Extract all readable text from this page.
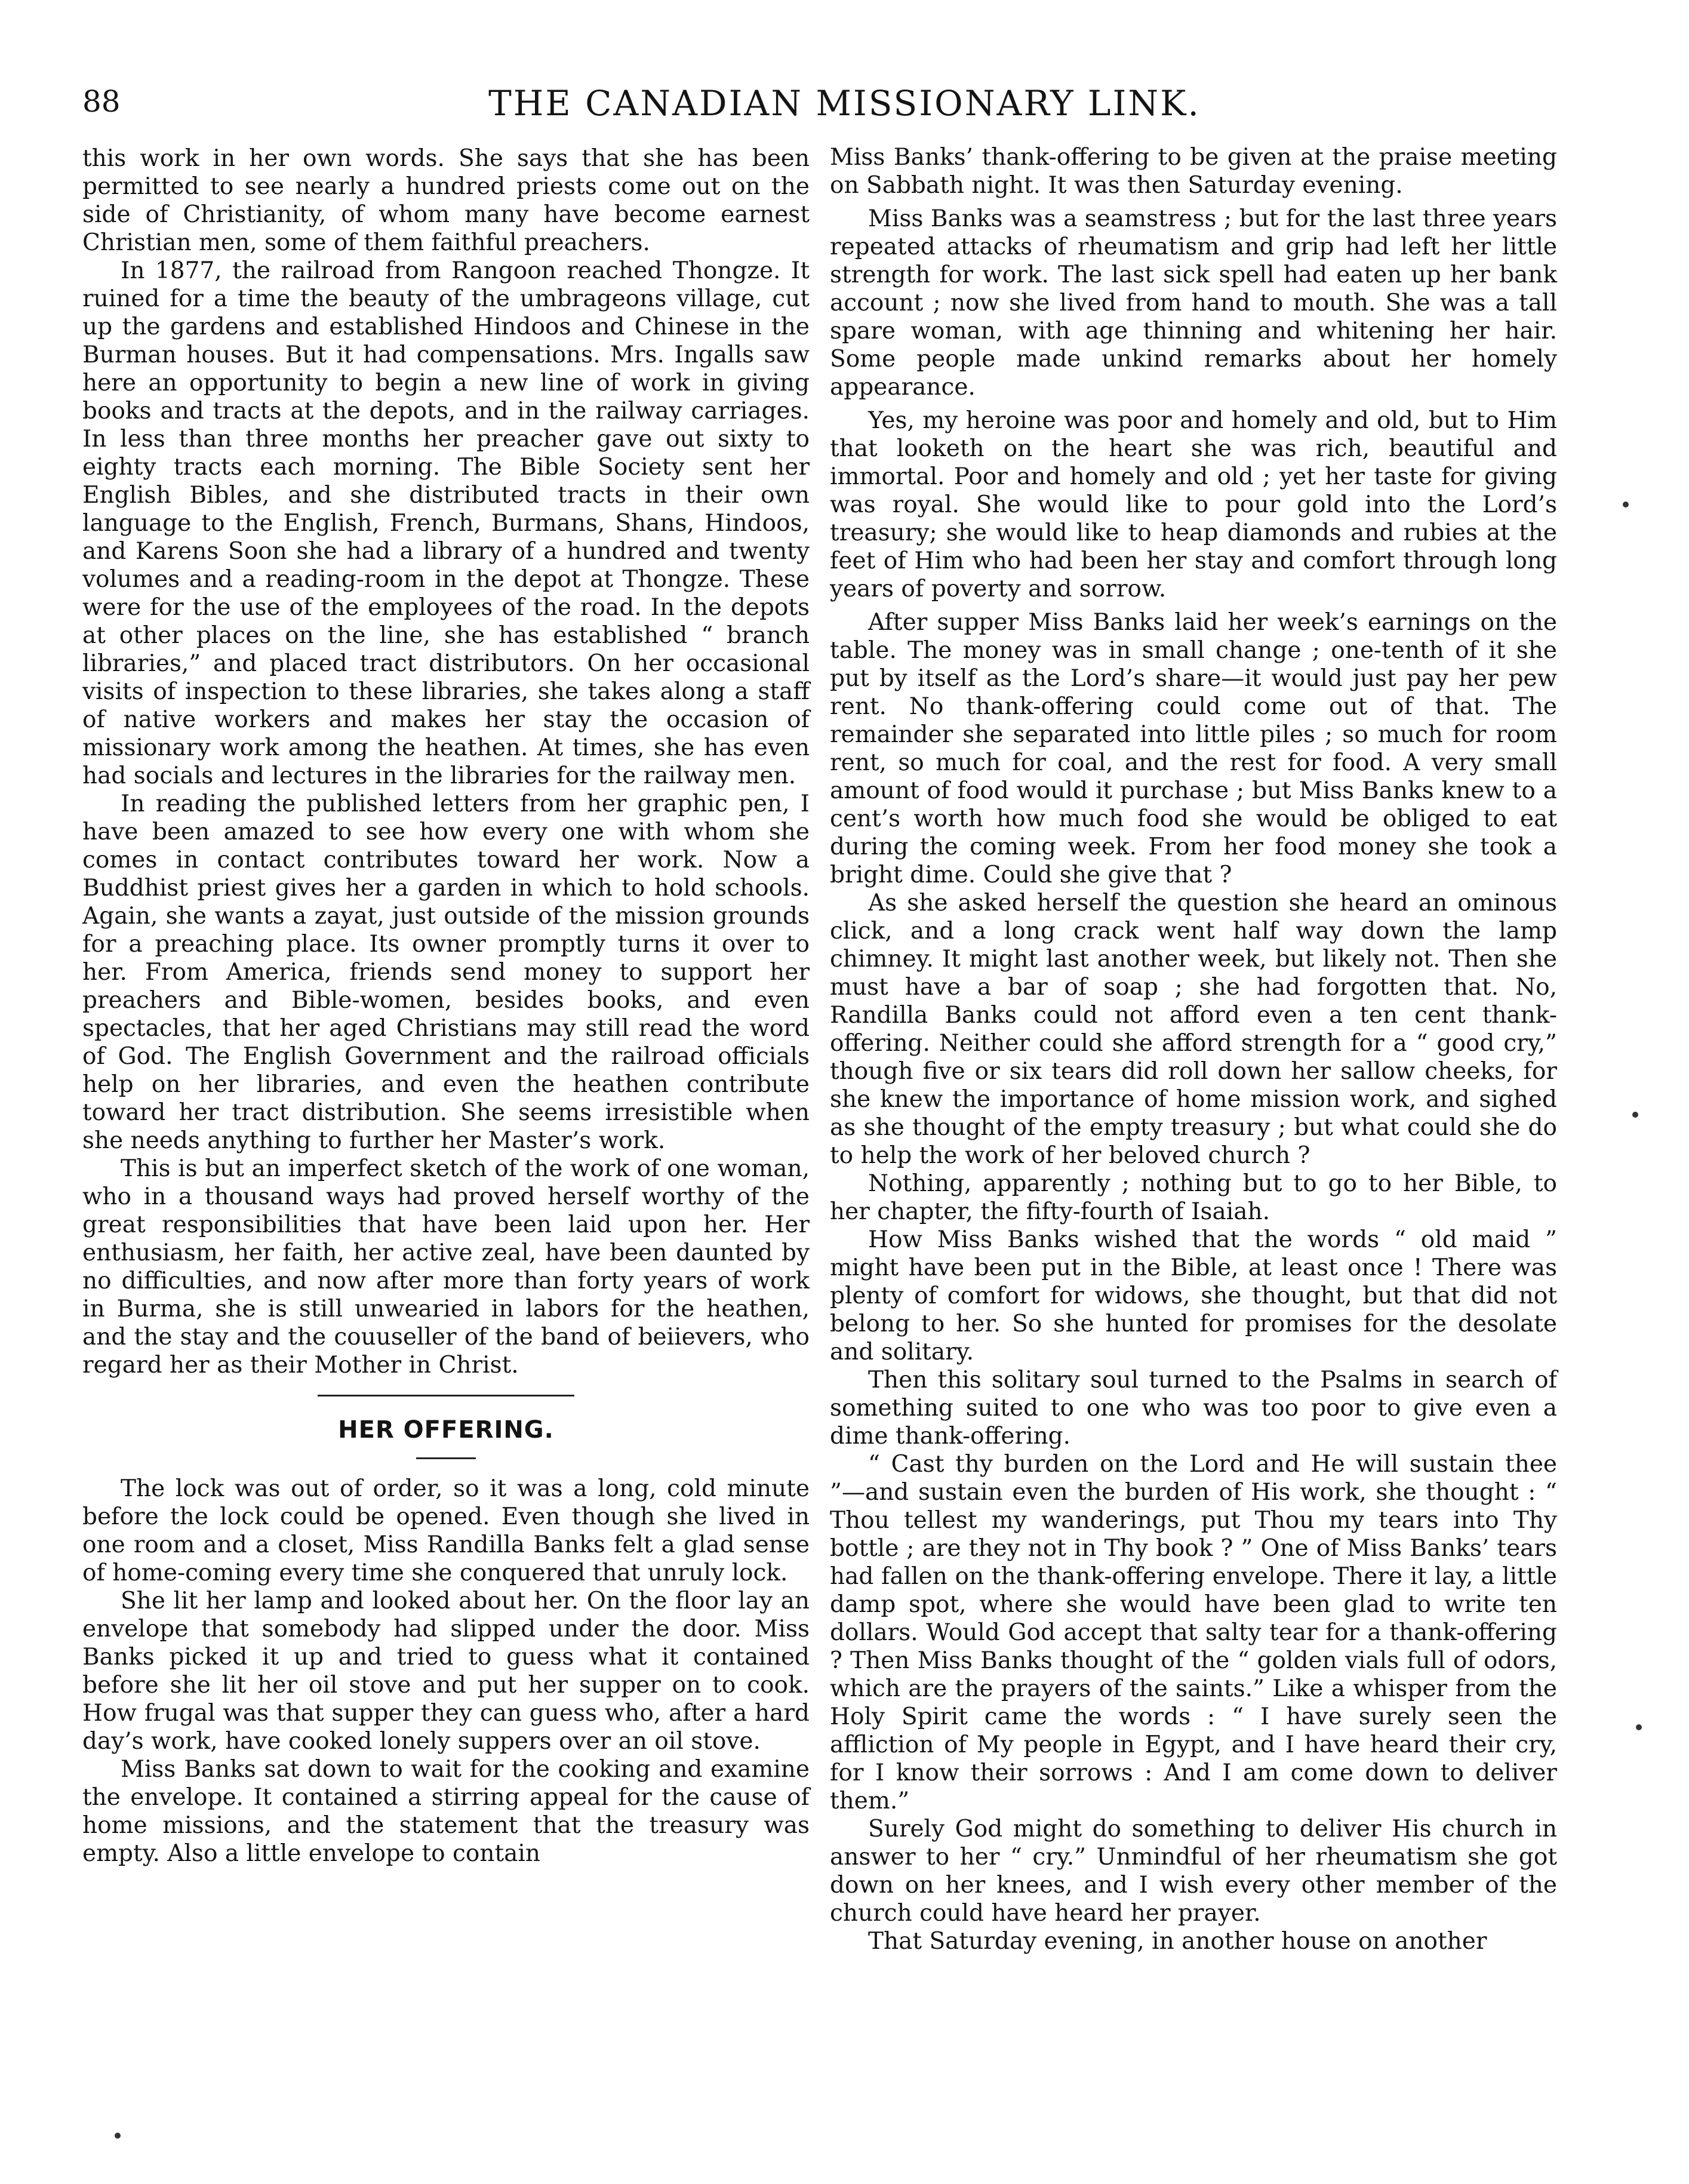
88	THE CANADIAN MISSIONARY LINK.

this work in her own words. She says that she has been permitted to see nearly a hundred priests come out on the side of Christianity, of whom many have become earnest Christian men, some of them faithful preachers.

In 1877, the railroad from Rangoon reached Thongze. It ruined for a time the beauty of the umbrageons village, cut up the gardens and established Hindoos and Chinese in the Burman houses. But it had compensations. Mrs. Ingalls saw here an opportunity to begin a new line of work in giving books and tracts at the depots, and in the railway carriages. In less than three months her preacher gave out sixty to eighty tracts each morning. The Bible Society sent her English Bibles, and she distributed tracts in their own language to the English, French, Burmans, Shans, Hindoos, and Karens Soon she had a library of a hundred and twenty volumes and a reading-room in the depot at Thongze. These were for the use of the employees of the road. In the depots at other places on the line, she has established “ branch libraries,” and placed tract distributors. On her occasional visits of inspection to these libraries, she takes along a staff of native workers and makes her stay the occasion of missionary work among the heathen. At times, she has even had socials and lectures in the libraries for the railway men.

In reading the published letters from her graphic pen, I have been amazed to see how every one with whom she comes in contact contributes toward her work. Now a Buddhist priest gives her a garden in which to hold schools. Again, she wants a zayat, just outside of the mission grounds for a preaching place. Its owner promptly turns it over to her. From America, friends send money to support her preachers and Bible-women, besides books, and even spectacles, that her aged Christians may still read the word of God. The English Government and the railroad officials help on her libraries, and even the heathen contribute toward her tract distribution. She seems irresistible when she needs anything to further her Master’s work.

This is but an imperfect sketch of the work of one woman, who in a thousand ways had proved herself worthy of the great responsibilities that have been laid upon her. Her enthusiasm, her faith, her active zeal, have been daunted by no difficulties, and now after more than forty years of work in Burma, she is still unwearied in labors for the heathen, and the stay and the couuseller of the band of beiievers, who regard her as their Mother in Christ.

HER OFFERING.

The lock was out of order, so it was a long, cold minute before the lock could be opened. Even though she lived in one room and a closet, Miss Randilla Banks felt a glad sense of home-coming every time she conquered that unruly lock.

She lit her lamp and looked about her. On the floor lay an envelope that somebody had slipped under the door. Miss Banks picked it up and tried to guess what it contained before she lit her oil stove and put her supper on to cook. How frugal was that supper they can guess who, after a hard day’s work, have cooked lonely suppers over an oil stove.

Miss Banks sat down to wait for the cooking and examine the envelope. It contained a stirring appeal for the cause of home missions, and the statement that the treasury was empty. Also a little envelope to contain

Miss Banks’ thank-offering to be given at the praise meeting on Sabbath night. It was then Saturday evening.

Miss Banks was a seamstress ; but for the last three years repeated attacks of rheumatism and grip had left her little strength for work. The last sick spell had eaten up her bank account ; now she lived from hand to mouth. She was a tall spare woman, with age thinning and whitening her hair. Some people made unkind remarks about her homely appearance.

Yes, my heroine was poor and homely and old, but to Him that looketh on the heart she was rich, beautiful and immortal. Poor and homely and old ; yet her taste for giving was royal. She would like to pour gold into the Lord’s treasury; she would like to heap diamonds and rubies at the feet of Him who had been her stay and comfort through long years of poverty and sorrow.

After supper Miss Banks laid her week’s earnings on the table. The money was in small change ; one-tenth of it she put by itself as the Lord’s share—it would just pay her pew rent. No thank-offering could come out of that. The remainder she separated into little piles ; so much for room rent, so much for coal, and the rest for food. A very small amount of food would it purchase ; but Miss Banks knew to a cent’s worth how much food she would be obliged to eat during the coming week. From her food money she took a bright dime. Could she give that ?

As she asked herself the question she heard an ominous click, and a long crack went half way down the lamp chimney. It might last another week, but likely not. Then she must have a bar of soap ; she had forgotten that. No, Randilla Banks could not afford even a ten cent thank-offering. Neither could she afford strength for a “ good cry,” though five or six tears did roll down her sallow cheeks, for she knew the importance of home mission work, and sighed as she thought of the empty treasury ; but what could she do to help the work of her beloved church ?

Nothing, apparently ; nothing but to go to her Bible, to her chapter, the fifty-fourth of Isaiah.

How Miss Banks wished that the words “ old maid ” might have been put in the Bible, at least once ! There was plenty of comfort for widows, she thought, but that did not belong to her. So she hunted for promises for the desolate and solitary.

Then this solitary soul turned to the Psalms in search of something suited to one who was too poor to give even a dime thank-offering.

“ Cast thy burden on the Lord and He will sustain thee ”—and sustain even the burden of His work, she thought : “ Thou tellest my wanderings, put Thou my tears into Thy bottle ; are they not in Thy book ? ” One of Miss Banks’ tears had fallen on the thank-offering envelope. There it lay, a little damp spot, where she would have been glad to write ten dollars. Would God accept that salty tear for a thank-offering ? Then Miss Banks thought of the “ golden vials full of odors, which are the prayers of the saints.” Like a whisper from the Holy Spirit came the words : “ I have surely seen the affliction of My people in Egypt, and I have heard their cry, for I know their sorrows : And I am come down to deliver them.”

Surely God might do something to deliver His church in answer to her “ cry.” Unmindful of her rheumatism she got down on her knees, and I wish every other member of the church could have heard her prayer.

That Saturday evening, in another house on another
